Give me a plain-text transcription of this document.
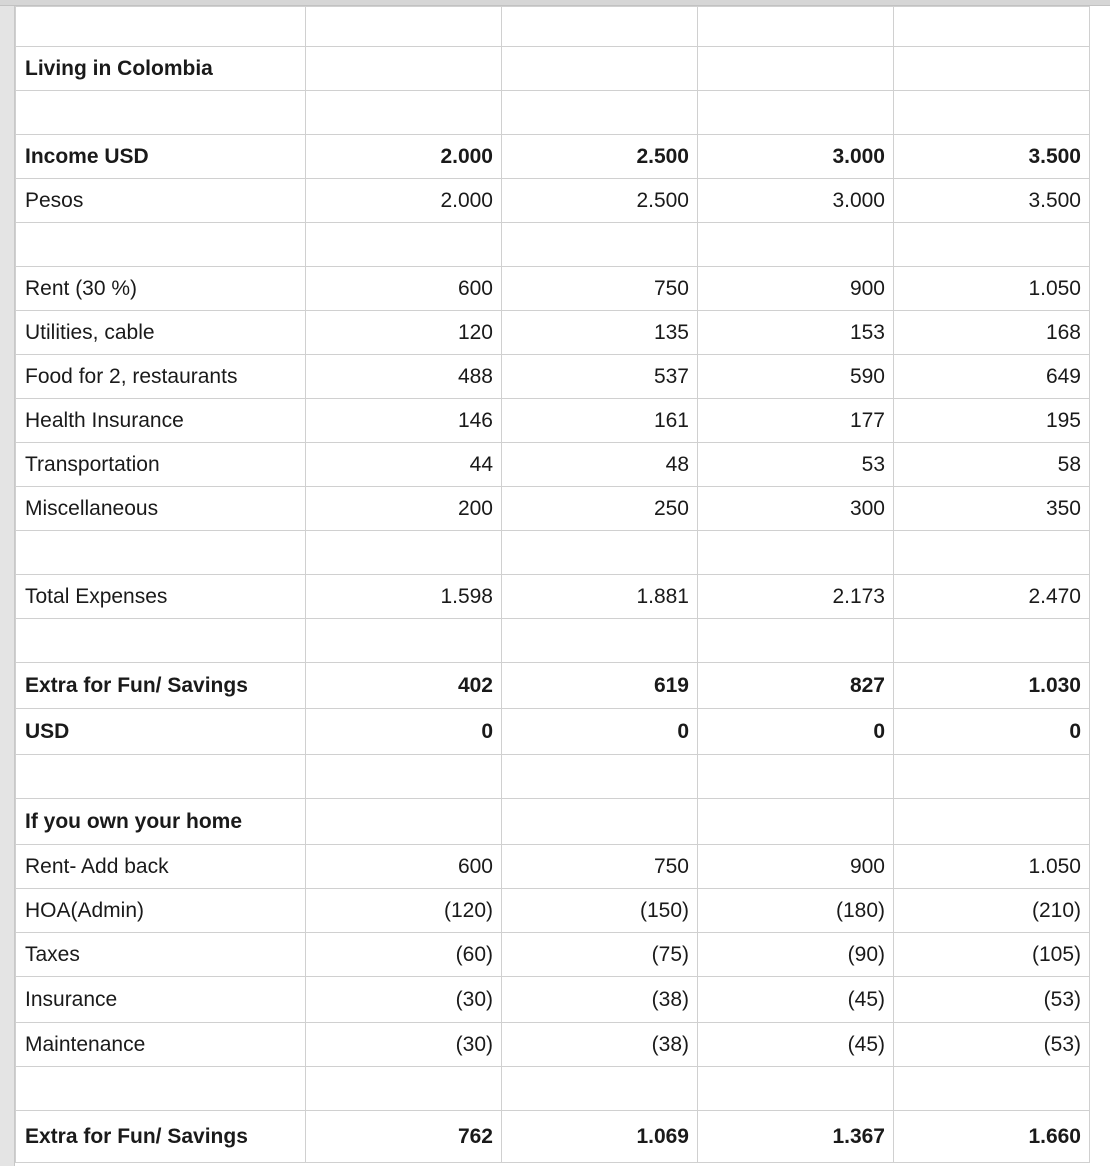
Living in Colombia				

Income USD	2.000	2.500	3.000	3.500
Pesos	2.000	2.500	3.000	3.500

Rent (30 %)	600	750	900	1.050
Utilities, cable	120	135	153	168
Food for 2, restaurants	488	537	590	649
Health Insurance	146	161	177	195
Transportation	44	48	53	58
Miscellaneous	200	250	300	350

Total Expenses	1.598	1.881	2.173	2.470

Extra for Fun/ Savings	402	619	827	1.030
USD	0	0	0	0

If you own your home				
Rent- Add back	600	750	900	1.050
HOA(Admin)	(120)	(150)	(180)	(210)
Taxes	(60)	(75)	(90)	(105)
Insurance	(30)	(38)	(45)	(53)
Maintenance	(30)	(38)	(45)	(53)

Extra for Fun/ Savings	762	1.069	1.367	1.660
